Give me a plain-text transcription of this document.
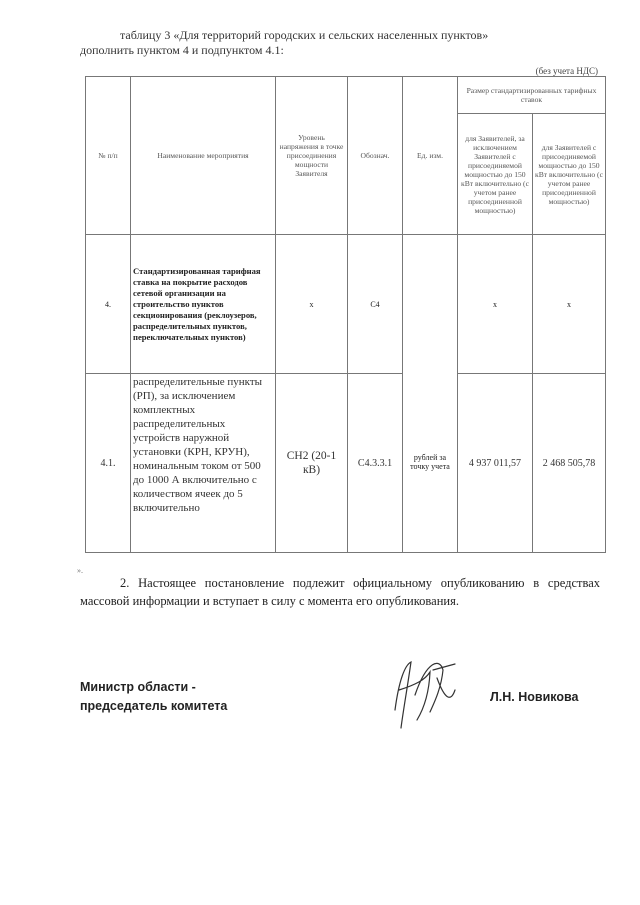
таблицу 3 «Для территорий городских и сельских населенных пунктов»
дополнить пунктом 4 и подпунктом 4.1:
(без учета НДС)
№ п/п	Наименование мероприятия	Уровень напряжения в точке присоединения мощности Заявителя	Обознач.	Ед. изм.	Размер стандартизированных тарифных ставок	
					для Заявителей, за исключением Заявителей с присоединяемой мощностью до 150 кВт включительно (с учетом ранее присоединенной мощностью)	для Заявителей с присоединяемой мощностью до 150 кВт включительно (с учетом ранее присоединенной мощностью)
4.	Стандартизированная тарифная ставка на покрытие расходов сетевой организации на строительство пунктов секционирования (реклоузеров, распределительных пунктов, переключательных пунктов)	x	C4	рублей за точку учета	x	x
4.1.	распределительные пункты (РП), за исключением комплектных распределительных устройств наружной установки (КРН, КРУН), номинальным током от 500 до 1000 А включительно с количеством ячеек до 5 включительно	СН2 (20-1 кВ)	C4.3.3.1		4 937 011,57	2 468 505,78
».
2. Настоящее постановление подлежит официальному опубликованию в средствах массовой информации и вступает в силу с момента его опубликования.
Министр области -
председатель комитета
Л.Н. Новикова
